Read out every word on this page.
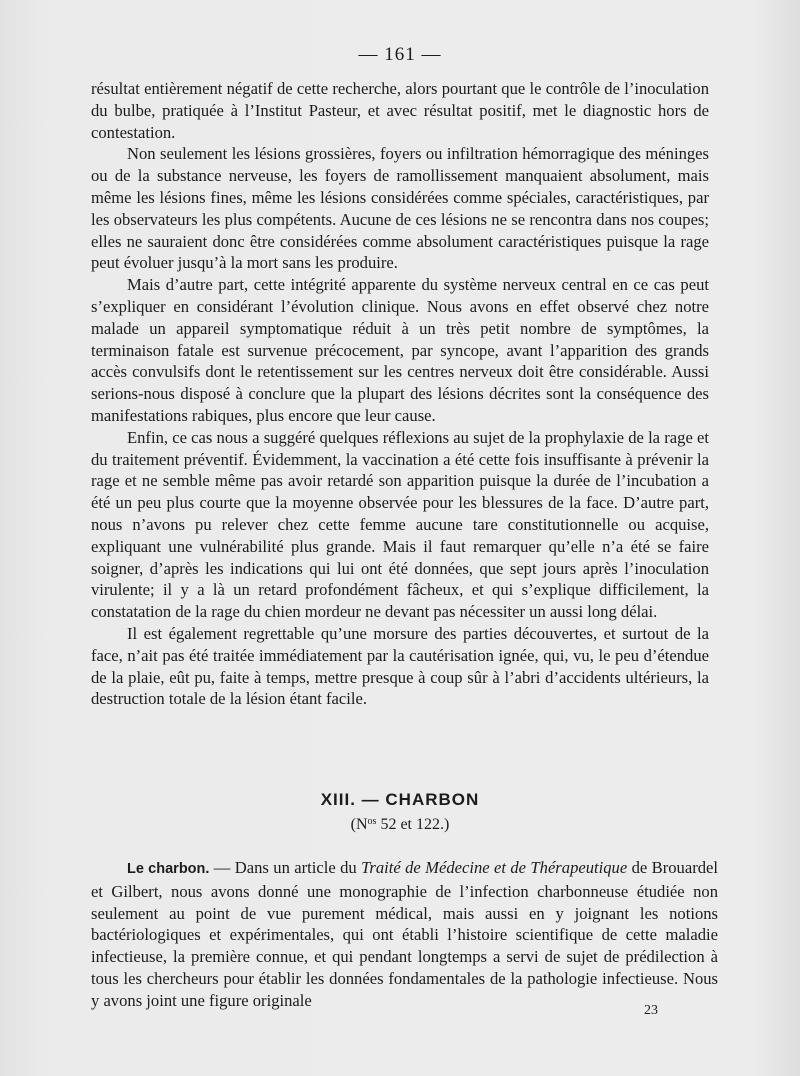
— 161 —

résultat entièrement négatif de cette recherche, alors pourtant que le contrôle de l’inoculation du bulbe, pratiquée à l’Institut Pasteur, et avec résultat positif, met le diagnostic hors de contestation.

Non seulement les lésions grossières, foyers ou infiltration hémorragique des méninges ou de la substance nerveuse, les foyers de ramollissement manquaient absolument, mais même les lésions fines, même les lésions considérées comme spéciales, caractéristiques, par les observateurs les plus compétents. Aucune de ces lésions ne se rencontra dans nos coupes; elles ne sauraient donc être considérées comme absolument caractéristiques puisque la rage peut évoluer jusqu’à la mort sans les produire.

Mais d’autre part, cette intégrité apparente du système nerveux central en ce cas peut s’expliquer en considérant l’évolution clinique. Nous avons en effet observé chez notre malade un appareil symptomatique réduit à un très petit nombre de symptômes, la terminaison fatale est survenue précocement, par syncope, avant l’apparition des grands accès convulsifs dont le retentissement sur les centres nerveux doit être considérable. Aussi serions-nous disposé à conclure que la plupart des lésions décrites sont la conséquence des manifestations rabiques, plus encore que leur cause.

Enfin, ce cas nous a suggéré quelques réflexions au sujet de la prophylaxie de la rage et du traitement préventif. Évidemment, la vaccination a été cette fois insuffisante à prévenir la rage et ne semble même pas avoir retardé son apparition puisque la durée de l’incubation a été un peu plus courte que la moyenne observée pour les blessures de la face. D’autre part, nous n’avons pu relever chez cette femme aucune tare constitutionnelle ou acquise, expliquant une vulnérabilité plus grande. Mais il faut remarquer qu’elle n’a été se faire soigner, d’après les indications qui lui ont été données, que sept jours après l’inoculation virulente; il y a là un retard profondément fâcheux, et qui s’explique difficilement, la constatation de la rage du chien mordeur ne devant pas nécessiter un aussi long délai.

Il est également regrettable qu’une morsure des parties découvertes, et surtout de la face, n’ait pas été traitée immédiatement par la cautérisation ignée, qui, vu, le peu d’étendue de la plaie, eût pu, faite à temps, mettre presque à coup sûr à l’abri d’accidents ultérieurs, la destruction totale de la lésion étant facile.

XIII. — CHARBON
($N^{os}$ 52 et 122.)

Le charbon. — Dans un article du Traité de Médecine et de Thérapeutique de Brouardel et Gilbert, nous avons donné une monographie de l’infection charbonneuse étudiée non seulement au point de vue purement médical, mais aussi en y joignant les notions bactériologiques et expérimentales, qui ont établi l’histoire scientifique de cette maladie infectieuse, la première connue, et qui pendant longtemps a servi de sujet de prédilection à tous les chercheurs pour établir les données fondamentales de la pathologie infectieuse. Nous y avons joint une figure originale

23
